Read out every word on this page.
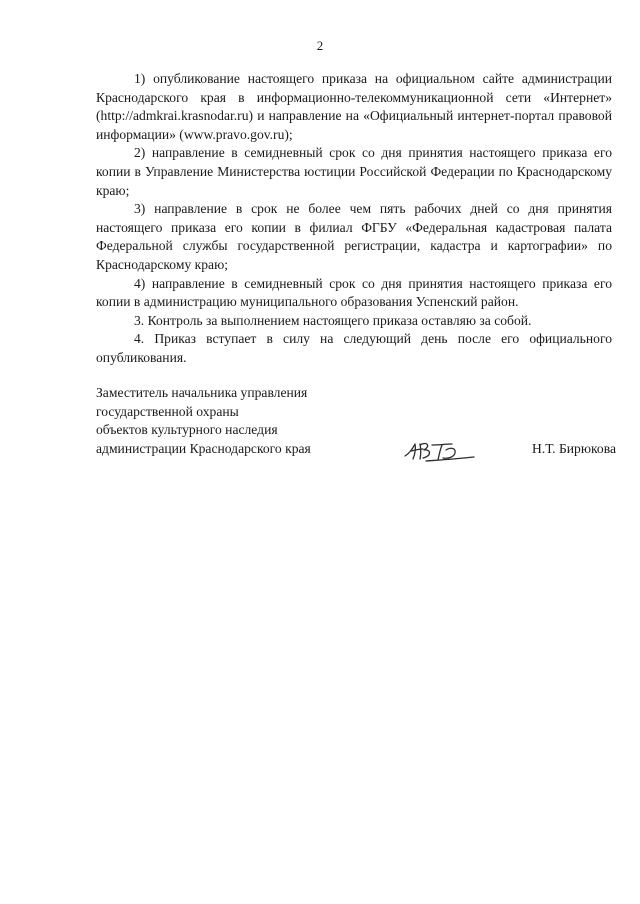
2

1) опубликование настоящего приказа на официальном сайте администрации Краснодарского края в информационно-телекоммуникационной сети «Интернет» (http://admkrai.krasnodar.ru) и направление на «Официальный интернет-портал правовой информации» (www.pravo.gov.ru);

2) направление в семидневный срок со дня принятия настоящего приказа его копии в Управление Министерства юстиции Российской Федерации по Краснодарскому краю;

3) направление в срок не более чем пять рабочих дней со дня принятия настоящего приказа его копии в филиал ФГБУ «Федеральная кадастровая палата Федеральной службы государственной регистрации, кадастра и картографии» по Краснодарскому краю;

4) направление в семидневный срок со дня принятия настоящего приказа его копии в администрацию муниципального образования Успенский район.

3. Контроль за выполнением настоящего приказа оставляю за собой.

4. Приказ вступает в силу на следующий день после его официального опубликования.

Заместитель начальника управления
государственной охраны
объектов культурного наследия
администрации Краснодарского края	Н.Т. Бирюкова
